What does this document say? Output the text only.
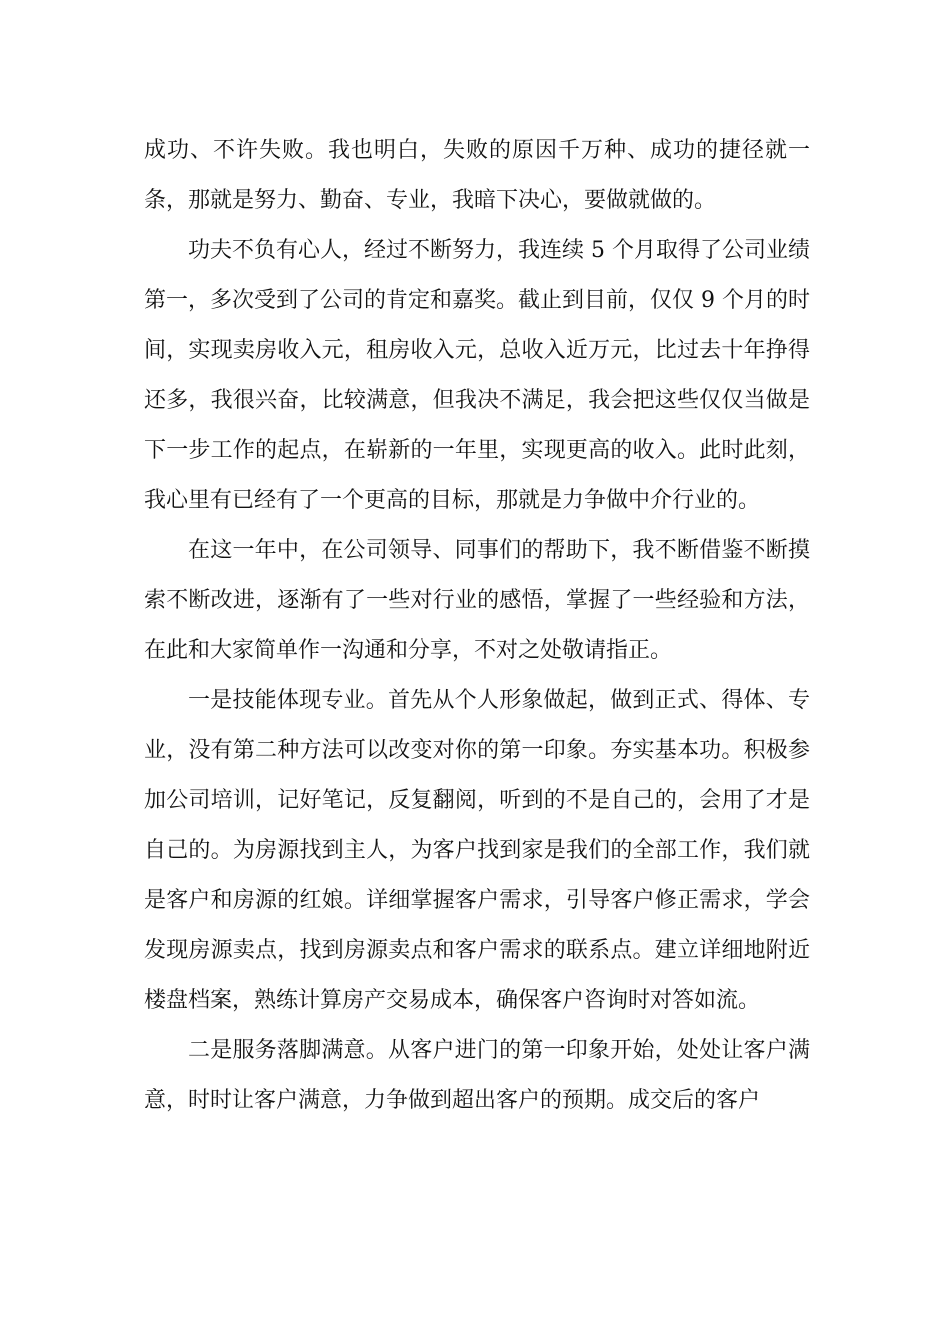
成功、不许失败。我也明白，失败的原因千万种、成功的捷径就一条，那就是努力、勤奋、专业，我暗下决心，要做就做的。

功夫不负有心人，经过不断努力，我连续 5 个月取得了公司业绩第一，多次受到了公司的肯定和嘉奖。截止到目前，仅仅 9 个月的时间，实现卖房收入元，租房收入元，总收入近万元，比过去十年挣得还多，我很兴奋，比较满意，但我决不满足，我会把这些仅仅当做是下一步工作的起点，在崭新的一年里，实现更高的收入。此时此刻，我心里有已经有了一个更高的目标，那就是力争做中介行业的。

在这一年中，在公司领导、同事们的帮助下，我不断借鉴不断摸索不断改进，逐渐有了一些对行业的感悟，掌握了一些经验和方法，在此和大家简单作一沟通和分享，不对之处敬请指正。

一是技能体现专业。首先从个人形象做起，做到正式、得体、专业，没有第二种方法可以改变对你的第一印象。夯实基本功。积极参加公司培训，记好笔记，反复翻阅，听到的不是自己的，会用了才是自己的。为房源找到主人，为客户找到家是我们的全部工作，我们就是客户和房源的红娘。详细掌握客户需求，引导客户修正需求，学会发现房源卖点，找到房源卖点和客户需求的联系点。建立详细地附近楼盘档案，熟练计算房产交易成本，确保客户咨询时对答如流。

二是服务落脚满意。从客户进门的第一印象开始，处处让客户满意，时时让客户满意，力争做到超出客户的预期。成交后的客户
